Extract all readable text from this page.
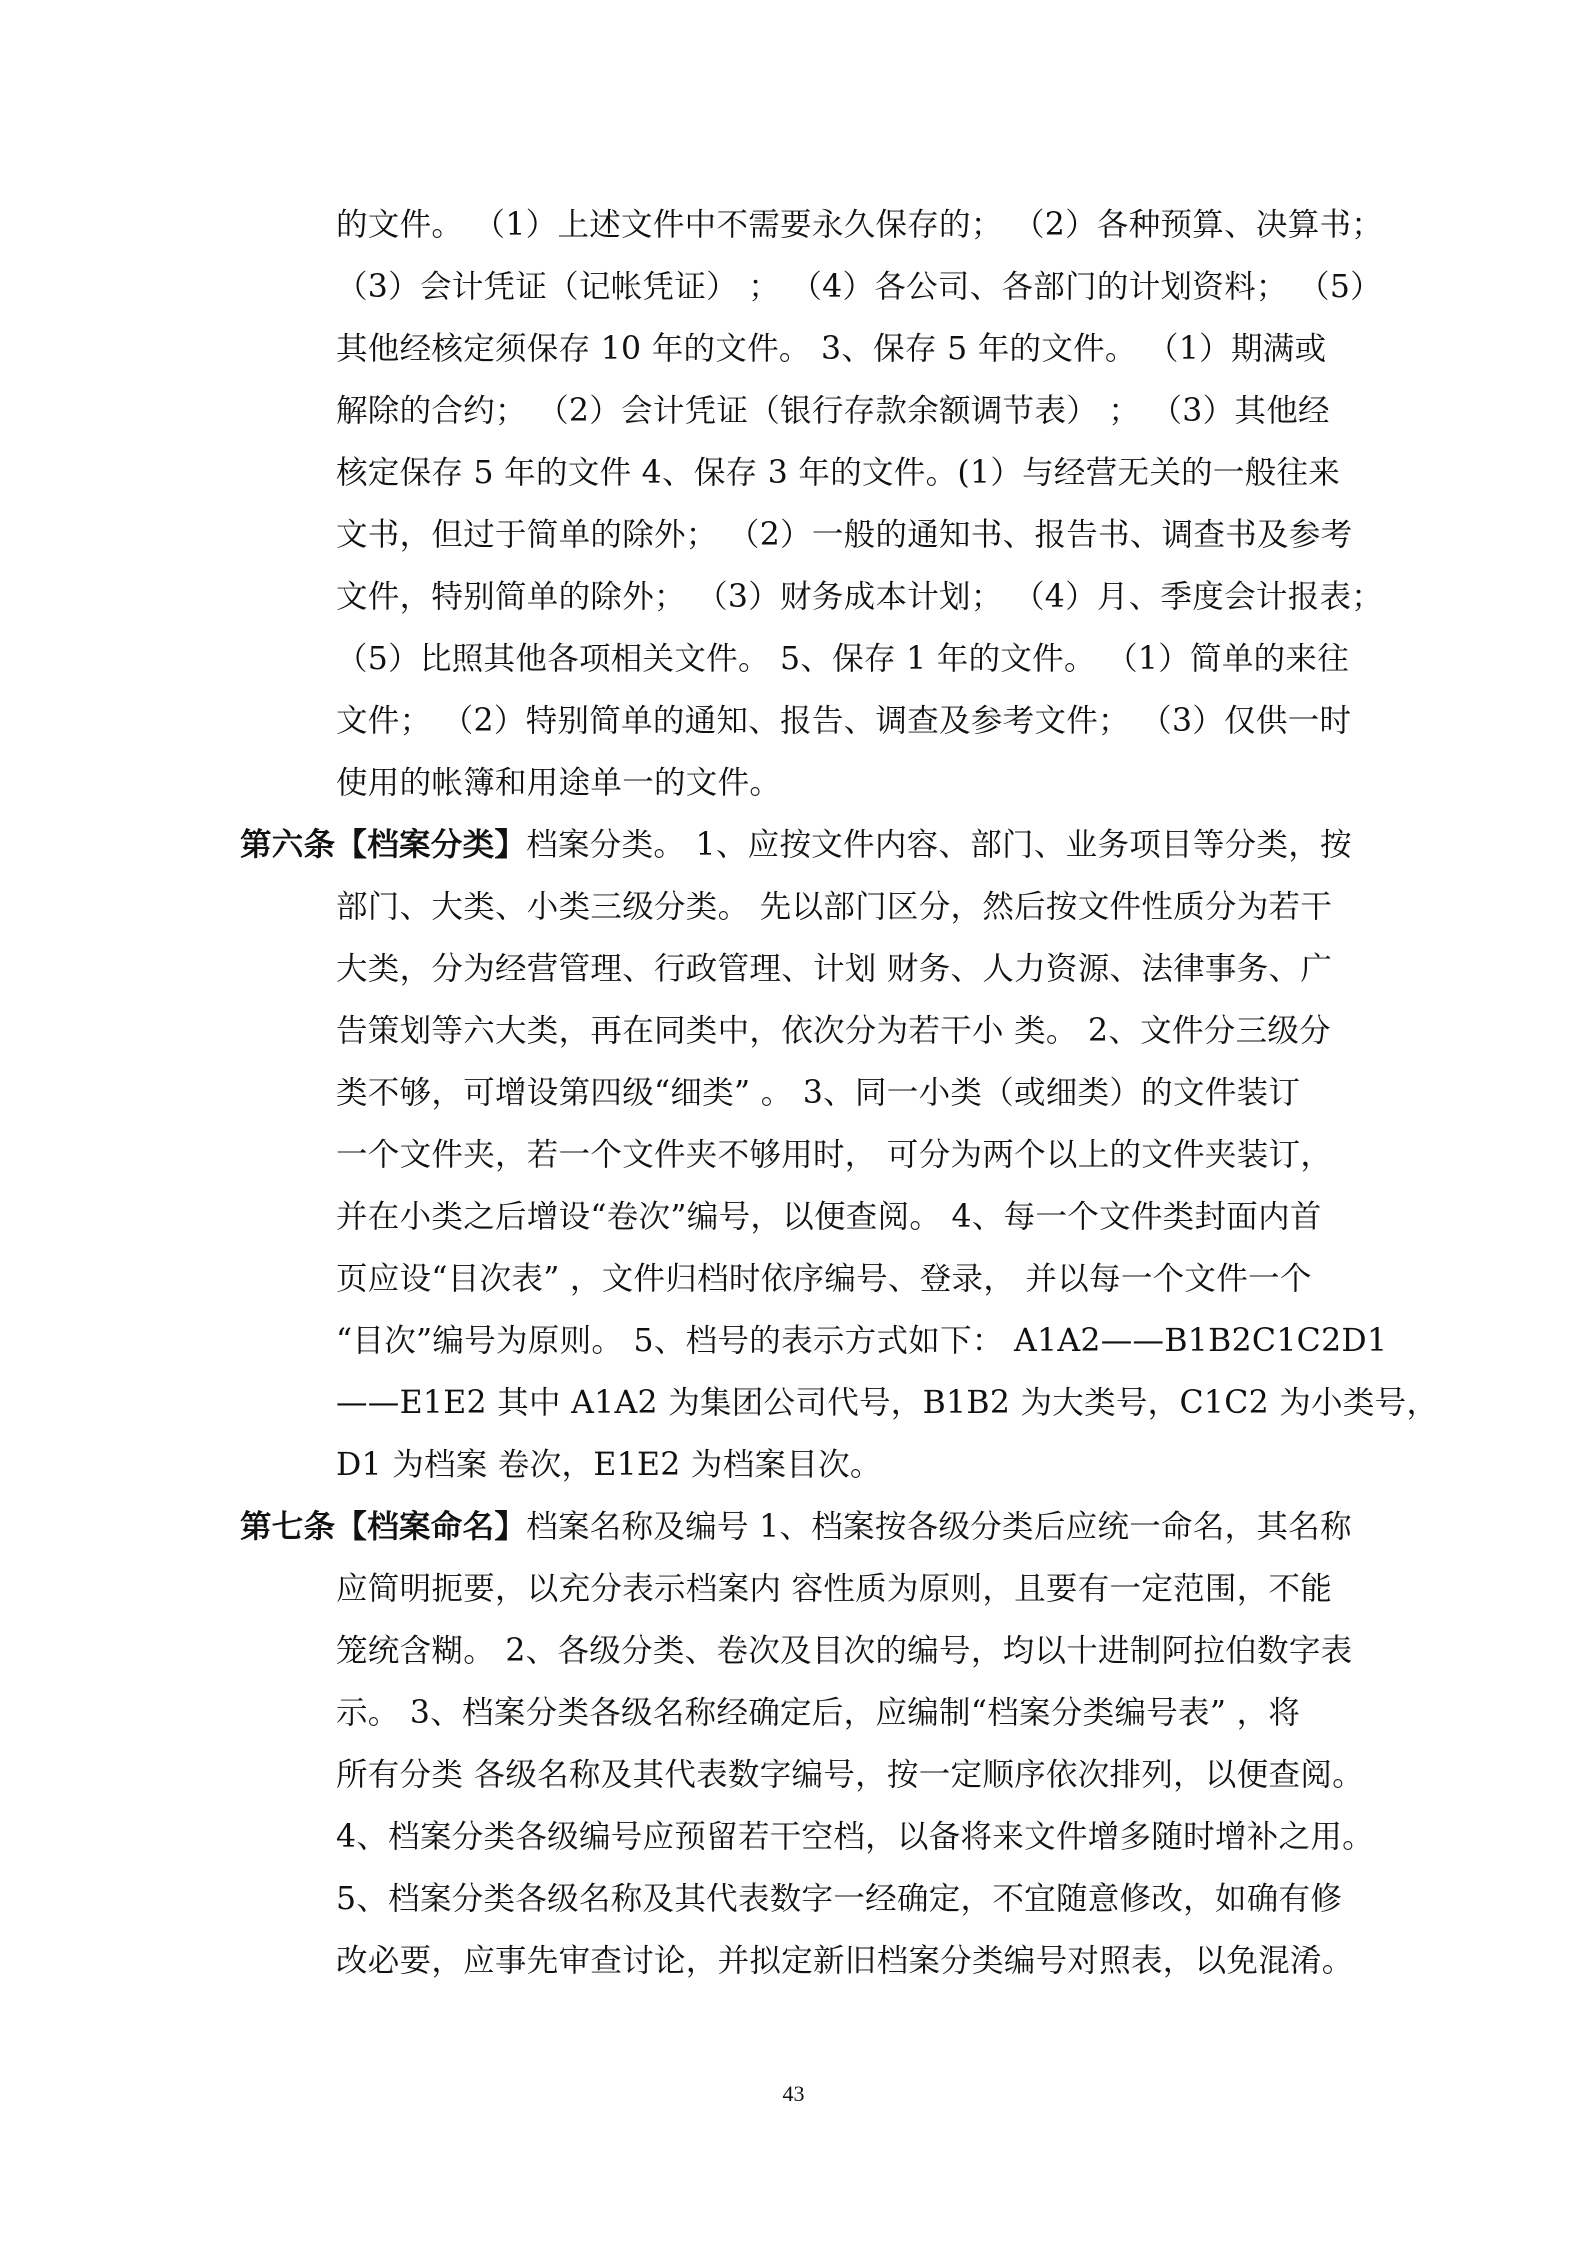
的文件。 （1）上述文件中不需要永久保存的； （2）各种预算、决算书；
（3）会计凭证（记帐凭证） ； （4）各公司、各部门的计划资料； （5）
其他经核定须保存 10 年的文件。 3、保存 5 年的文件。 （1）期满或
解除的合约； （2）会计凭证（银行存款余额调节表） ； （3）其他经
核定保存 5 年的文件 4、保存 3 年的文件。(1）与经营无关的一般往来
文书，但过于简单的除外； （2）一般的通知书、报告书、调查书及参考
文件，特别简单的除外； （3）财务成本计划； （4）月、季度会计报表；
（5）比照其他各项相关文件。 5、保存 1 年的文件。 （1）简单的来往
文件； （2）特别简单的通知、报告、调查及参考文件； （3）仅供一时
使用的帐簿和用途单一的文件。
第六条【档案分类】档案分类。 1、应按文件内容、部门、业务项目等分类，按
部门、大类、小类三级分类。 先以部门区分，然后按文件性质分为若干
大类，分为经营管理、行政管理、计划 财务、人力资源、法律事务、广
告策划等六大类，再在同类中，依次分为若干小 类。 2、文件分三级分
类不够，可增设第四级“细类” 。 3、同一小类（或细类）的文件装订
一个文件夹，若一个文件夹不够用时， 可分为两个以上的文件夹装订，
并在小类之后增设“卷次”编号，以便查阅。 4、每一个文件类封面内首
页应设“目次表” ，文件归档时依序编号、登录， 并以每一个文件一个
“目次”编号为原则。 5、档号的表示方式如下： A1A2——B1B2C1C2D1
——E1E2 其中 A1A2 为集团公司代号，B1B2 为大类号，C1C2 为小类号，
D1 为档案 卷次，E1E2 为档案目次。
第七条【档案命名】档案名称及编号 1、档案按各级分类后应统一命名，其名称
应简明扼要，以充分表示档案内 容性质为原则，且要有一定范围，不能
笼统含糊。 2、各级分类、卷次及目次的编号，均以十进制阿拉伯数字表
示。 3、档案分类各级名称经确定后，应编制“档案分类编号表” ，将
所有分类 各级名称及其代表数字编号，按一定顺序依次排列，以便查阅。
4、档案分类各级编号应预留若干空档，以备将来文件增多随时增补之用。
5、档案分类各级名称及其代表数字一经确定，不宜随意修改，如确有修
改必要，应事先审查讨论，并拟定新旧档案分类编号对照表，以免混淆。
43
